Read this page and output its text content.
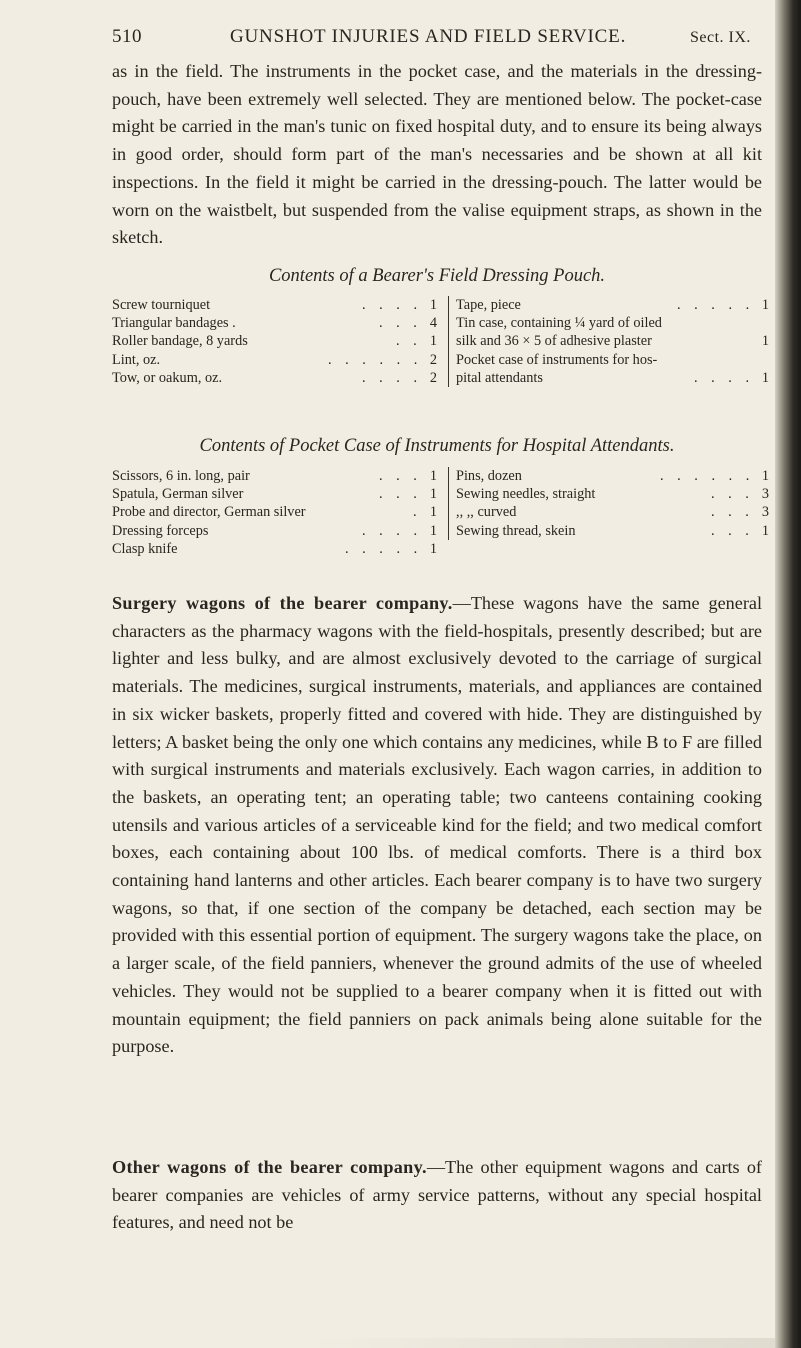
510	GUNSHOT INJURIES AND FIELD SERVICE.	Sect. IX.
as in the field. The instruments in the pocket case, and the materials in the dressing-pouch, have been extremely well selected. They are mentioned below. The pocket-case might be carried in the man's tunic on fixed hospital duty, and to ensure its being always in good order, should form part of the man's necessaries and be shown at all kit inspections. In the field it might be carried in the dressing-pouch. The latter would be worn on the waistbelt, but suspended from the valise equipment straps, as shown in the sketch.
Contents of a Bearer's Field Dressing Pouch.
Screw tourniquet	. . . . 1
Triangular bandages .	. . . 4
Roller bandage, 8 yards	. . 1
Lint, oz.	. . . . . . 2
Tow, or oakum, oz.	. . . . 2
Tape, piece	. . . . . 1
Tin case, containing ¼ yard of oiled
silk and 36 × 5 of adhesive plaster	1
Pocket case of instruments for hos-
pital attendants	. . . . 1
Contents of Pocket Case of Instruments for Hospital Attendants.
Scissors, 6 in. long, pair	. . . 1
Spatula, German silver	. . . 1
Probe and director, German silver	. 1
Dressing forceps	. . . . 1
Clasp knife	. . . . . 1
Pins, dozen	. . . . . . 1
Sewing needles, straight	. . . 3
,, ,, curved	. . . 3
Sewing thread, skein	. . . 1
Surgery wagons of the bearer company.—These wagons have the same general characters as the pharmacy wagons with the field-hospitals, presently described; but are lighter and less bulky, and are almost exclusively devoted to the carriage of surgical materials. The medicines, surgical instruments, materials, and appliances are contained in six wicker baskets, properly fitted and covered with hide. They are distinguished by letters; A basket being the only one which contains any medicines, while B to F are filled with surgical instruments and materials exclusively. Each wagon carries, in addition to the baskets, an operating tent; an operating table; two canteens containing cooking utensils and various articles of a serviceable kind for the field; and two medical comfort boxes, each containing about 100 lbs. of medical comforts. There is a third box containing hand lanterns and other articles. Each bearer company is to have two surgery wagons, so that, if one section of the company be detached, each section may be provided with this essential portion of equipment. The surgery wagons take the place, on a larger scale, of the field panniers, whenever the ground admits of the use of wheeled vehicles. They would not be supplied to a bearer company when it is fitted out with mountain equipment; the field panniers on pack animals being alone suitable for the purpose.
Other wagons of the bearer company.—The other equipment wagons and carts of bearer companies are vehicles of army service patterns, without any special hospital features, and need not be
